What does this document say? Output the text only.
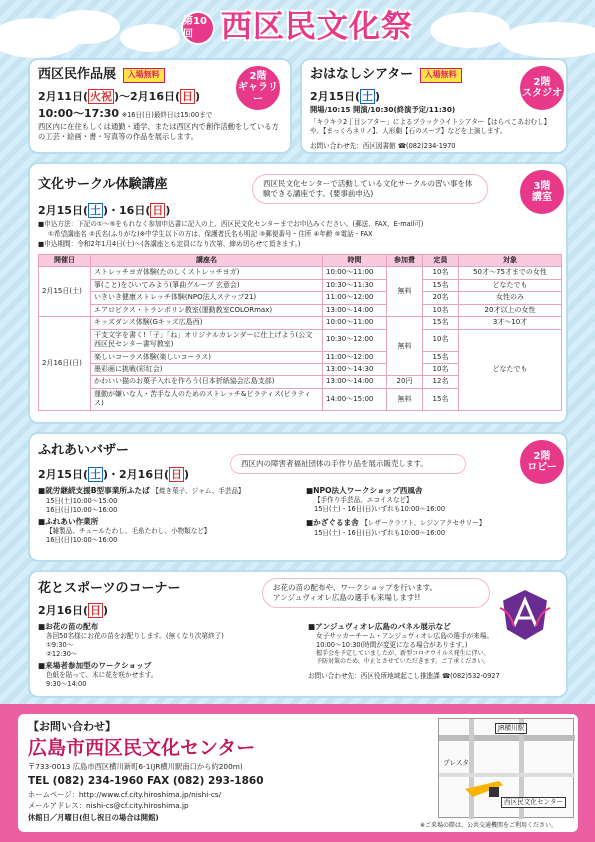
第10回 西区民文化祭
西区民作品展 入場無料
2月11日( 火祝 )〜2月16日( 日 )
10:00〜17:30 ※16日(日)最終日は15:00まで
西区内に在住もしくは通勤・通学、または西区内で創作活動をしている方の工芸・絵画・書・写真等の作品を展示します。
2階
ギャラリー
おはなしシアター 入場無料
2月15日( 土 )
開場/10:15 開演/10:30(終演予定/11:30)
「キラキラ2丁目シアター」によるブラックライトシアター【はらぺこあおむし】や、【まっくろネリノ】、人形劇【石のスープ】などを上演します。
お問い合わせ先：西区図書館 ☎(082)234-1970
2階
スタジオ
文化サークル体験講座	西区民文化センターで活動している文化サークルの習い事を体験できる講座です。(要事前申込)
2月15日( 土 )・16日( 日 )
■申込方法：下記の①〜⑤をもれなく参加申込書に記入の上、西区民文化センターまでお申込みください。(郵送、FAX、E-mail可)
①希望講座名 ②氏名(ふりがな)※中学生以下の方は、保護者氏名も明記 ③郵便番号・住所 ④年齢 ⑤電話・FAX
■申込期間：令和2年1月4日(土)〜(各講座とも定員になり次第、締め切らせて頂きます。)
開催日	講座名	時間	参加費	定員	対象
2月15日(土)	ストレッチヨガ体験(たのしくストレッチヨガ)	10:00〜11:00	無料	10名	50才〜75才までの女性
	箏(こと)をひいてみよう(箏曲グループ 玄意会)	10:30〜11:30		15名	どなたでも
	いきいき健康ストレッチ体験(NPO法人ステップ21)	11:00〜12:00		20名	女性のみ
	エアロビクス・トランポリン教室(運動教室COLORmax)	13:00〜14:00		10名	20才以上の女性
2月16日(日)	キッズダンス体験(Gキッズ広島西)	10:00〜11:00	無料	15名	3才〜10才
	干支文字を書く!「子」「ね」オリジナルカレンダーに仕上げよう(公文西区民センター書写教室)	10:30〜12:00		10名	どなたでも
	楽しいコーラス体験(楽しいコーラス)	11:00〜12:00		15名	
	墨彩画に挑戦(彩紅会)	13:00〜14:30		10名	
	かわいい猫のお菓子入れを作ろう(日本折紙協会広島支部)	13:00〜14:00	20円	12名	
	運動が嫌いな人・苦手な人のためのストレッチ&ピラティス(ピラティス)	14:00〜15:00	無料	15名	
3階
講室
ふれあいバザー
西区内の障害者福祉団体の手作り品を展示販売します。
2月15日( 土 )・2月16日( 日 )
■就労継続支援B型事業所ふたば 【焼き菓子、ジャム、手芸品】
15日(土)10:00〜15:00
16日(日)10:00〜16:00
■ふれあい作業所
【雑製品、チュールたわし、毛糸たわし、小物類など】
16日(日)10:00〜16:00
■NPO法人ワークショップ西風舎
【手作り手芸品、エコイスなど】
15日(土)・16日(日)いずれも10:00〜16:00
■かざぐるま舎 【レザークラフト、レジンアクセサリー】
15日(土)・16日(日)いずれも10:00〜16:00
2階
ロビー
花とスポーツのコーナー	お花の苗の配布や、ワークショップを行います。
アンジュヴィオレ広島の選手も来場します!!
2月16日( 日 )
■お花の苗の配布
各回50名様にお花の苗をお配りします。(無くなり次第終了)
①9:30〜
②12:30〜
■来場者参加型のワークショップ
色紙を貼って、木に花を咲かせます。
9:30〜14:00
■アンジュヴィオレ広島のパネル展示など
女子サッカーチーム・アンジュヴィオレ広島の選手が来場。
10:00〜10:30(時間が変更になる場合があります。)
握手会を予定していましたが、新型コロナウイルス発生に伴い、
予防対策のため、中止とさせていただきます。ご了承ください。
お問い合わせ先：西区役所地域起こし推進課 ☎(082)532-0927
【お問い合わせ】
広島市西区民文化センター
〒733-0013 広島市西区横川新町6-1(JR横川駅南口から約200m)
TEL (082) 234-1960 FAX (082) 293-1860
ホームページ：http://www.cf.city.hiroshima.jp/nishi-cs/
メールアドレス：nishi-cs@cf.city.hiroshima.jp
休館日／月曜日(但し祝日の場合は開館)
JR横川駅
プレスタ
西区民文化センター
※ご来場の際は、公共交通機関をご利用ください。
